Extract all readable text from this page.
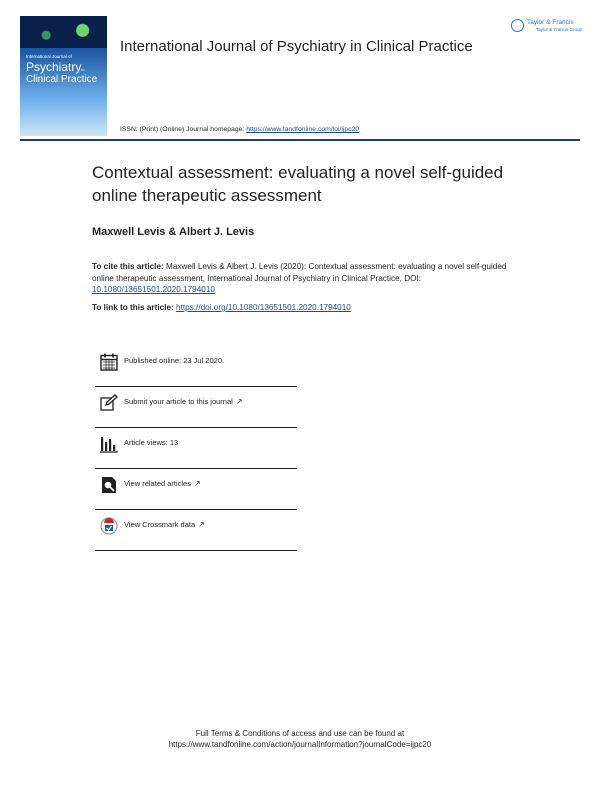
International Journal of
Psychiatryin
Clinical Practice
International Journal of Psychiatry in Clinical Practice
ISSN: (Print) (Online) Journal homepage: https://www.tandfonline.com/loi/ijpc20
Taylor & Francis
Taylor & Francis Group
Contextual assessment: evaluating a novel self-guided online therapeutic assessment
Maxwell Levis & Albert J. Levis
To cite this article: Maxwell Levis & Albert J. Levis (2020): Contextual assessment: evaluating a novel self-guided online therapeutic assessment, International Journal of Psychiatry in Clinical Practice, DOI: 10.1080/13651501.2020.1794010
To link to this article: https://doi.org/10.1080/13651501.2020.1794010
Published online: 23 Jul 2020.
Submit your article to this journal ↗
Article views: 13
View related articles ↗
View Crossmark data ↗
Full Terms & Conditions of access and use can be found at
https://www.tandfonline.com/action/journalInformation?journalCode=ijpc20
